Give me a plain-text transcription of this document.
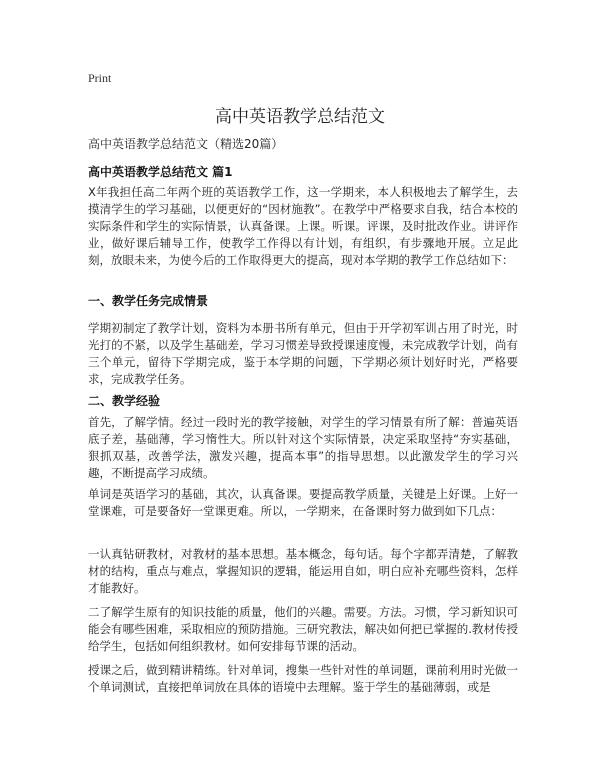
Print
高中英语教学总结范文
高中英语教学总结范文（精选20篇）
高中英语教学总结范文 篇1
X年我担任高二年两个班的英语教学工作，这一学期来，本人积极地去了解学生，去摸清学生的学习基础，以便更好的“因材施教”。在教学中严格要求自我，结合本校的实际条件和学生的实际情景，认真备课。上课。听课。评课，及时批改作业。讲评作业，做好课后辅导工作，使教学工作得以有计划，有组织，有步骤地开展。立足此刻，放眼未来，为使今后的工作取得更大的提高，现对本学期的教学工作总结如下：
一、教学任务完成情景
学期初制定了教学计划，资料为本册书所有单元，但由于开学初军训占用了时光，时光打的不紧，以及学生基础差，学习习惯差导致授课速度慢，未完成教学计划，尚有三个单元，留待下学期完成，鉴于本学期的问题，下学期必须计划好时光，严格要求，完成教学任务。
二、教学经验
首先，了解学情。经过一段时光的教学接触，对学生的学习情景有所了解：普遍英语底子差，基础薄，学习惰性大。所以针对这个实际情景，决定采取坚持“夯实基础，狠抓双基，改善学法，激发兴趣，提高本事”的指导思想。以此激发学生的学习兴趣，不断提高学习成绩。
单词是英语学习的基础，其次，认真备课。要提高教学质量，关键是上好课。上好一堂课难，可是要备好一堂课更难。所以，一学期来，在备课时努力做到如下几点：
一认真钻研教材，对教材的基本思想。基本概念，每句话。每个字都弄清楚，了解教材的结构，重点与难点，掌握知识的逻辑，能运用自如，明白应补充哪些资料，怎样才能教好。
二了解学生原有的知识技能的质量，他们的兴趣。需要。方法。习惯，学习新知识可能会有哪些困难，采取相应的预防措施。三研究教法，解决如何把已掌握的.教材传授给学生，包括如何组织教材。如何安排每节课的活动。
授课之后，做到精讲精练。针对单词，搜集一些针对性的单词题，课前利用时光做一个单词测试，直接把单词放在具体的语境中去理解。鉴于学生的基础薄弱，或是
